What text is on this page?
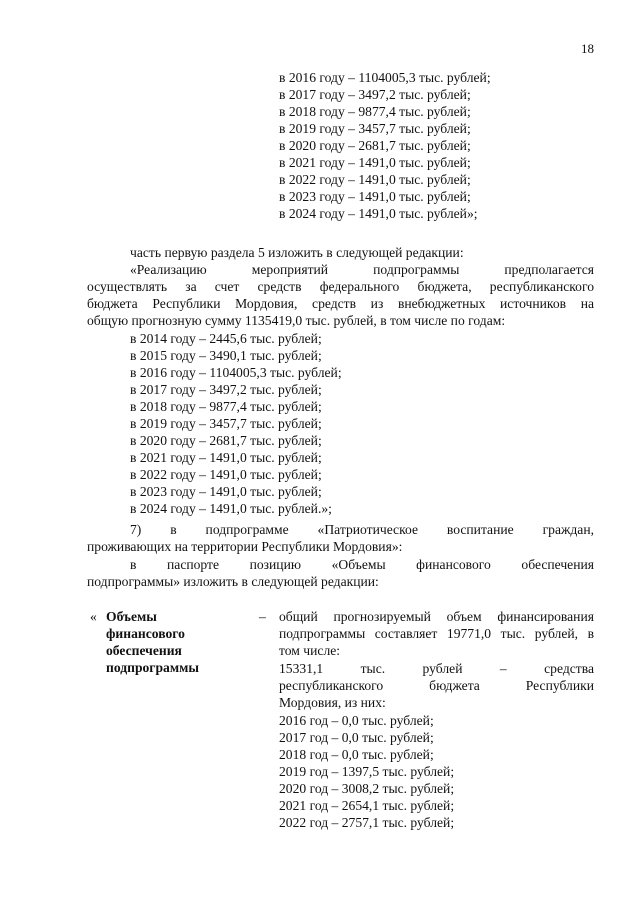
18
в 2016 году – 1104005,3 тыс. рублей;
в 2017 году – 3497,2 тыс. рублей;
в 2018 году – 9877,4 тыс. рублей;
в 2019 году – 3457,7 тыс. рублей;
в 2020 году – 2681,7 тыс. рублей;
в 2021 году – 1491,0 тыс. рублей;
в 2022 году – 1491,0 тыс. рублей;
в 2023 году – 1491,0 тыс. рублей;
в 2024 году – 1491,0 тыс. рублей»;
часть первую раздела 5 изложить в следующей редакции:
«Реализацию мероприятий подпрограммы предполагается
осуществлять за счет средств федерального бюджета, республиканского
бюджета Республики Мордовия, средств из внебюджетных источников на
общую прогнозную сумму 1135419,0 тыс. рублей, в том числе по годам:
в 2014 году – 2445,6 тыс. рублей;
в 2015 году – 3490,1 тыс. рублей;
в 2016 году – 1104005,3 тыс. рублей;
в 2017 году – 3497,2 тыс. рублей;
в 2018 году – 9877,4 тыс. рублей;
в 2019 году – 3457,7 тыс. рублей;
в 2020 году – 2681,7 тыс. рублей;
в 2021 году – 1491,0 тыс. рублей;
в 2022 году – 1491,0 тыс. рублей;
в 2023 году – 1491,0 тыс. рублей;
в 2024 году – 1491,0 тыс. рублей.»;
7) в подпрограмме «Патриотическое воспитание граждан,
проживающих на территории Республики Мордовия»:
в паспорте позицию «Объемы финансового обеспечения
подпрограммы» изложить в следующей редакции:
« Объемы
финансового
обеспечения
подпрограммы
– общий прогнозируемый объем финансирования
подпрограммы составляет 19771,0 тыс. рублей, в
том числе:
15331,1 тыс. рублей – средства
республиканского бюджета Республики
Мордовия, из них:
2016 год – 0,0 тыс. рублей;
2017 год – 0,0 тыс. рублей;
2018 год – 0,0 тыс. рублей;
2019 год – 1397,5 тыс. рублей;
2020 год – 3008,2 тыс. рублей;
2021 год – 2654,1 тыс. рублей;
2022 год – 2757,1 тыс. рублей;
